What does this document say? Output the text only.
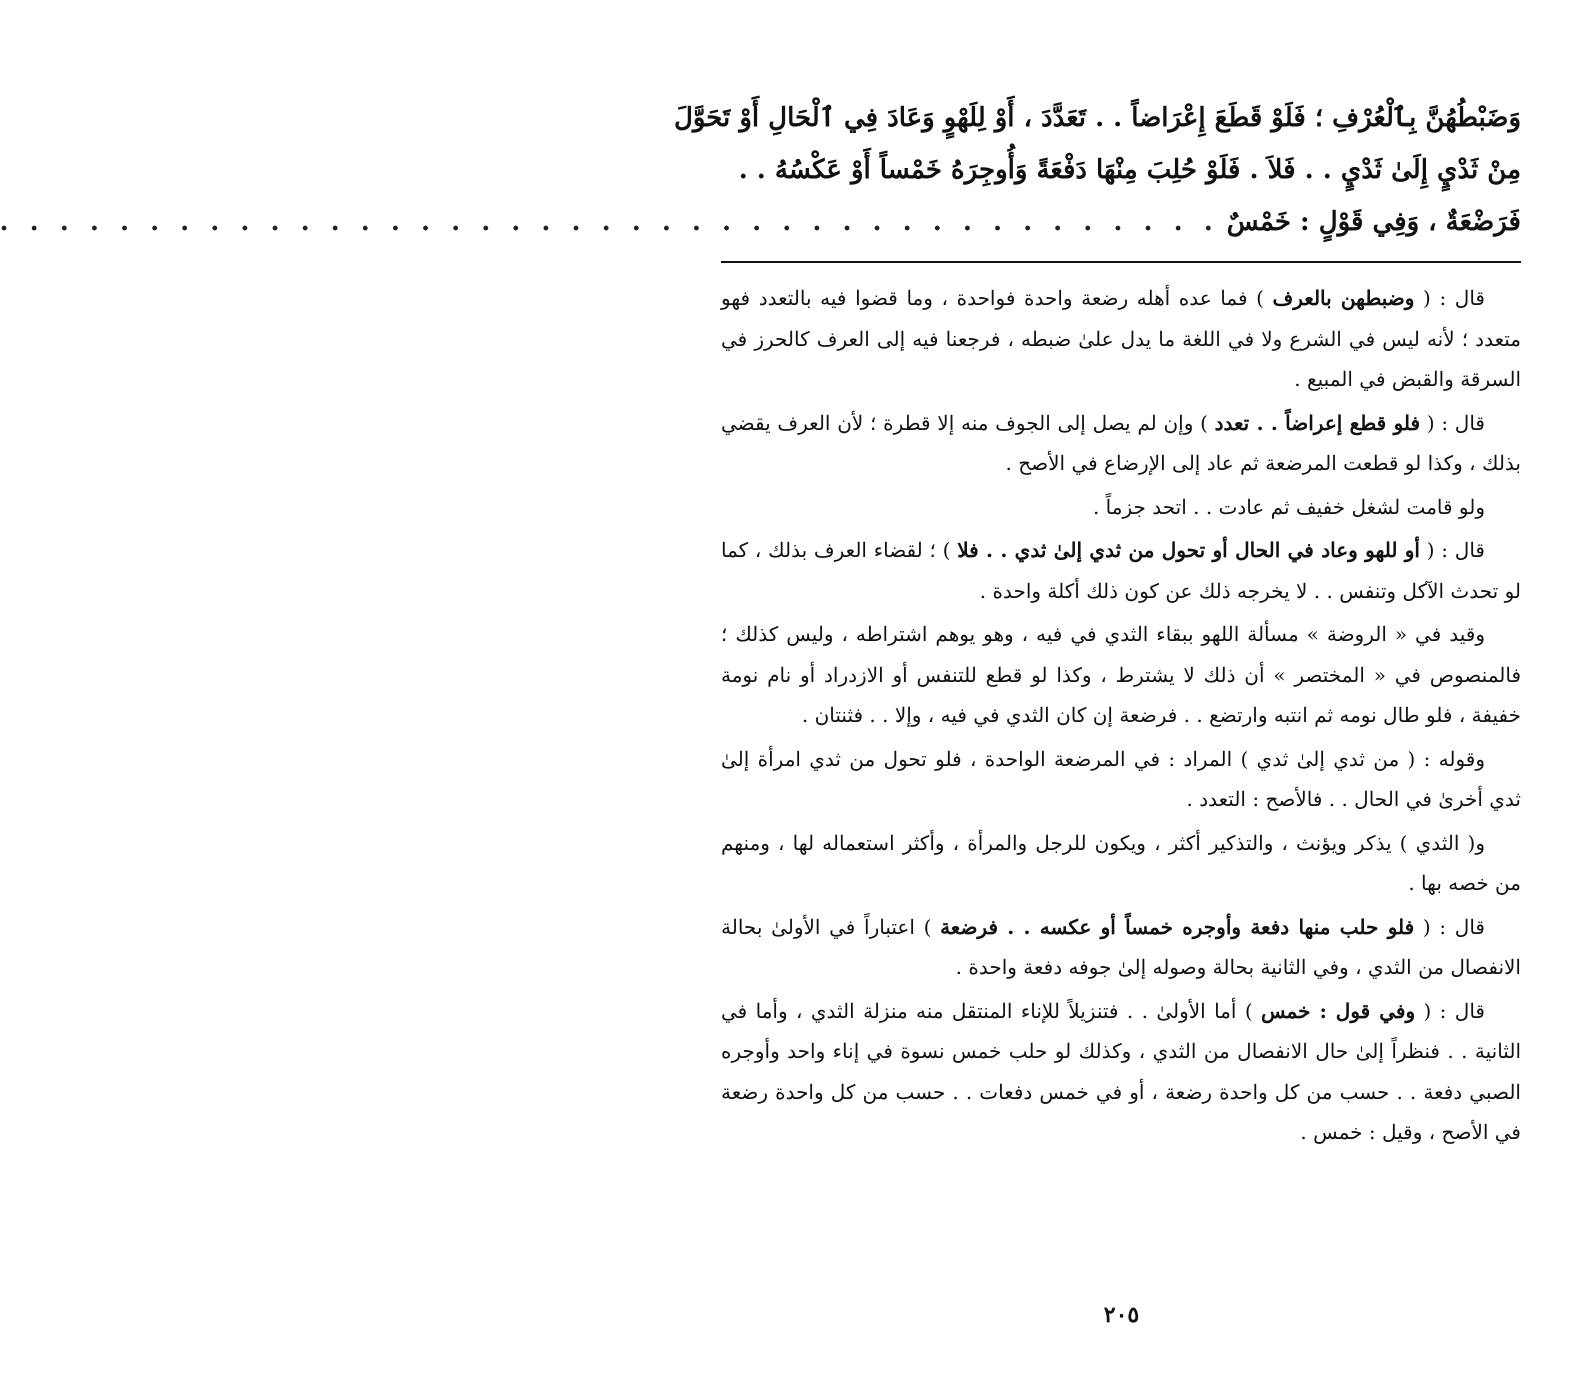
وَضَبْطُهُنَّ بِٱلْعُرْفِ ؛ فَلَوْ قَطَعَ إِعْرَاضاً . . تَعَدَّدَ ، أَوْ لِلَهْوٍ وَعَادَ فِي ٱلْحَالِ أَوْ تَحَوَّلَ
مِنْ ثَدْيٍ إِلَىٰ ثَدْيٍ . . فَلاَ . فَلَوْ حُلِبَ مِنْهَا دَفْعَةً وَأُوجِرَهُ خَمْساً أَوْ عَكْسُهُ . .
فَرَضْعَةٌ ، وَفِي قَوْلٍ : خَمْسٌ
. . . . . . . . . . . . . . . . . . . . . . . . . . . . . . . . . . . . . . . . .

قال : ( وضبطهن بالعرف ) فما عده أهله رضعة واحدة فواحدة ، وما قضوا فيه بالتعدد فهو متعدد ؛ لأنه ليس في الشرع ولا في اللغة ما يدل علىٰ ضبطه ، فرجعنا فيه إلى العرف كالحرز في السرقة والقبض في المبيع .

قال : ( فلو قطع إعراضاً . . تعدد ) وإن لم يصل إلى الجوف منه إلا قطرة ؛ لأن العرف يقضي بذلك ، وكذا لو قطعت المرضعة ثم عاد إلى الإرضاع في الأصح .

ولو قامت لشغل خفيف ثم عادت . . اتحد جزماً .

قال : ( أو للهو وعاد في الحال أو تحول من ثدي إلىٰ ثدي . . فلا ) ؛ لقضاء العرف بذلك ، كما لو تحدث الآكل وتنفس . . لا يخرجه ذلك عن كون ذلك أكلة واحدة .

وقيد في « الروضة » مسألة اللهو ببقاء الثدي في فيه ، وهو يوهم اشتراطه ، وليس كذلك ؛ فالمنصوص في « المختصر » أن ذلك لا يشترط ، وكذا لو قطع للتنفس أو الازدراد أو نام نومة خفيفة ، فلو طال نومه ثم انتبه وارتضع . . فرضعة إن كان الثدي في فيه ، وإلا . . فثنتان .

وقوله : ( من ثدي إلىٰ ثدي ) المراد : في المرضعة الواحدة ، فلو تحول من ثدي امرأة إلىٰ ثدي أخرىٰ في الحال . . فالأصح : التعدد .

و( الثدي ) يذكر ويؤنث ، والتذكير أكثر ، ويكون للرجل والمرأة ، وأكثر استعماله لها ، ومنهم من خصه بها .

قال : ( فلو حلب منها دفعة وأوجره خمساً أو عكسه . . فرضعة ) اعتباراً في الأولىٰ بحالة الانفصال من الثدي ، وفي الثانية بحالة وصوله إلىٰ جوفه دفعة واحدة .

قال : ( وفي قول : خمس ) أما الأولىٰ . . فتنزيلاً للإناء المنتقل منه منزلة الثدي ، وأما في الثانية . . فنظراً إلىٰ حال الانفصال من الثدي ، وكذلك لو حلب خمس نسوة في إناء واحد وأوجره الصبي دفعة . . حسب من كل واحدة رضعة ، أو في خمس دفعات . . حسب من كل واحدة رضعة في الأصح ، وقيل : خمس .

٢٠٥
